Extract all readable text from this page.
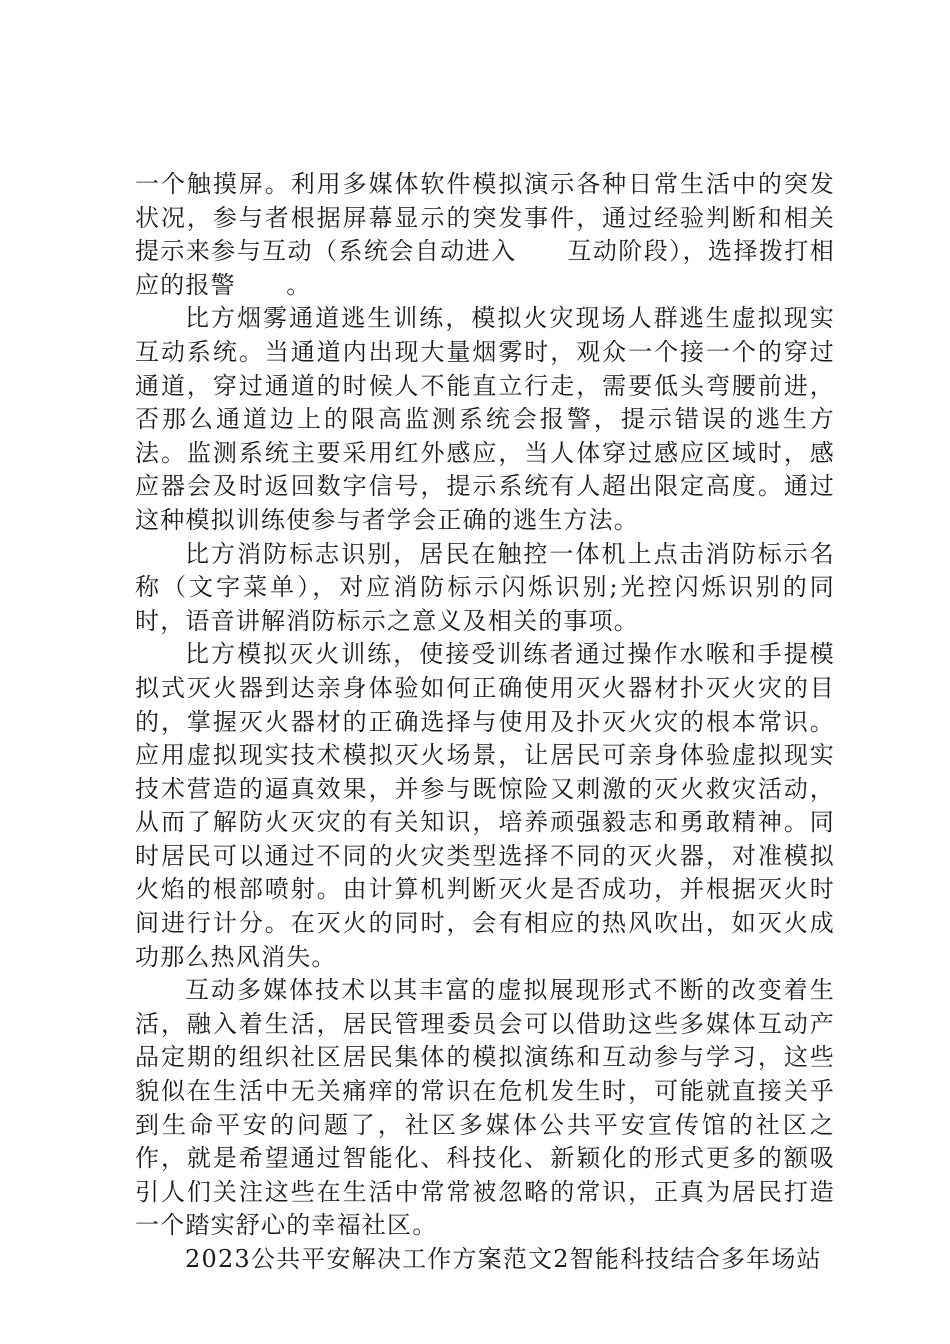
一个触摸屏。利用多媒体软件模拟演示各种日常生活中的突发状况，参与者根据屏幕显示的突发事件，通过经验判断和相关提示来参与互动（系统会自动进入　　互动阶段），选择拨打相应的报警　　。

比方烟雾通道逃生训练，模拟火灾现场人群逃生虚拟现实互动系统。当通道内出现大量烟雾时，观众一个接一个的穿过通道，穿过通道的时候人不能直立行走，需要低头弯腰前进，否那么通道边上的限高监测系统会报警，提示错误的逃生方法。监测系统主要采用红外感应，当人体穿过感应区域时，感应器会及时返回数字信号，提示系统有人超出限定高度。通过这种模拟训练使参与者学会正确的逃生方法。

比方消防标志识别，居民在触控一体机上点击消防标示名称（文字菜单），对应消防标示闪烁识别;光控闪烁识别的同时，语音讲解消防标示之意义及相关的事项。

比方模拟灭火训练，使接受训练者通过操作水喉和手提模拟式灭火器到达亲身体验如何正确使用灭火器材扑灭火灾的目的，掌握灭火器材的正确选择与使用及扑灭火灾的根本常识。应用虚拟现实技术模拟灭火场景，让居民可亲身体验虚拟现实技术营造的逼真效果，并参与既惊险又刺激的灭火救灾活动，从而了解防火灭灾的有关知识，培养顽强毅志和勇敢精神。同时居民可以通过不同的火灾类型选择不同的灭火器，对准模拟火焰的根部喷射。由计算机判断灭火是否成功，并根据灭火时间进行计分。在灭火的同时，会有相应的热风吹出，如灭火成功那么热风消失。

互动多媒体技术以其丰富的虚拟展现形式不断的改变着生活，融入着生活，居民管理委员会可以借助这些多媒体互动产品定期的组织社区居民集体的模拟演练和互动参与学习，这些貌似在生活中无关痛痒的常识在危机发生时，可能就直接关乎到生命平安的问题了，社区多媒体公共平安宣传馆的社区之作，就是希望通过智能化、科技化、新颖化的形式更多的额吸引人们关注这些在生活中常常被忽略的常识，正真为居民打造一个踏实舒心的幸福社区。

2023公共平安解决工作方案范文2智能科技结合多年场站
